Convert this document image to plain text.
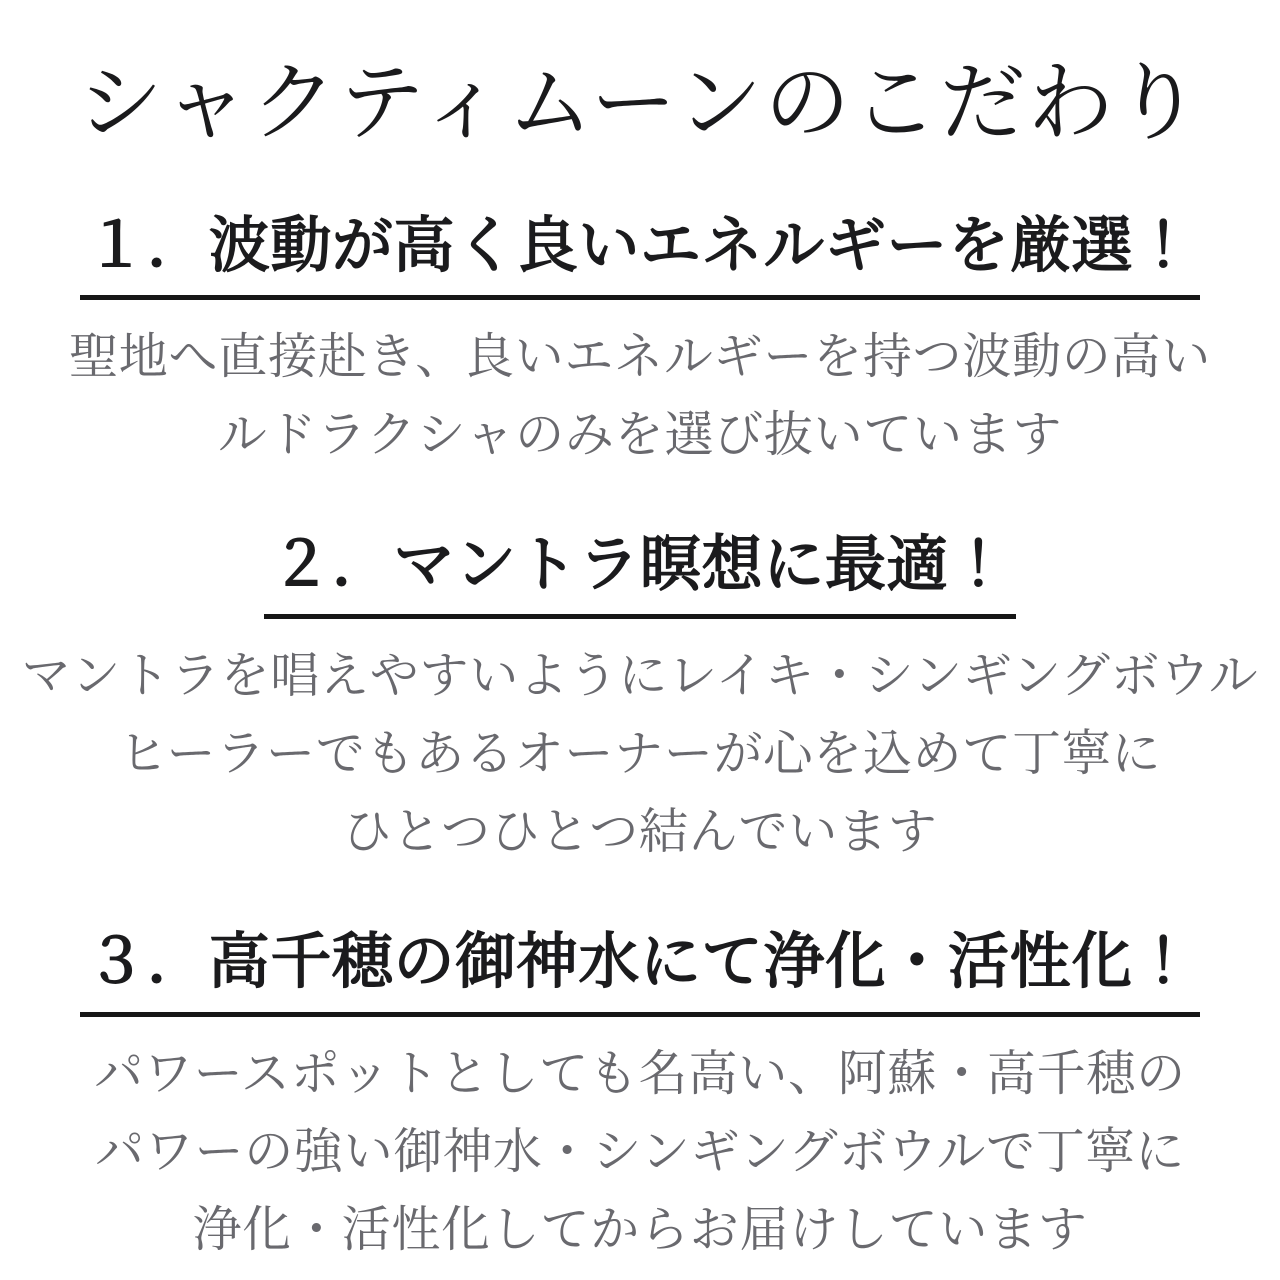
シャクティムーンのこだわり
１．波動が高く良いエネルギーを厳選！
聖地へ直接赴き、良いエネルギーを持つ波動の高い
ルドラクシャのみを選び抜いています
２．マントラ瞑想に最適！
マントラを唱えやすいようにレイキ・シンギングボウル
ヒーラーでもあるオーナーが心を込めて丁寧に
ひとつひとつ結んでいます
３．高千穂の御神水にて浄化・活性化！
パワースポットとしても名高い、阿蘇・高千穂の
パワーの強い御神水・シンギングボウルで丁寧に
浄化・活性化してからお届けしています
